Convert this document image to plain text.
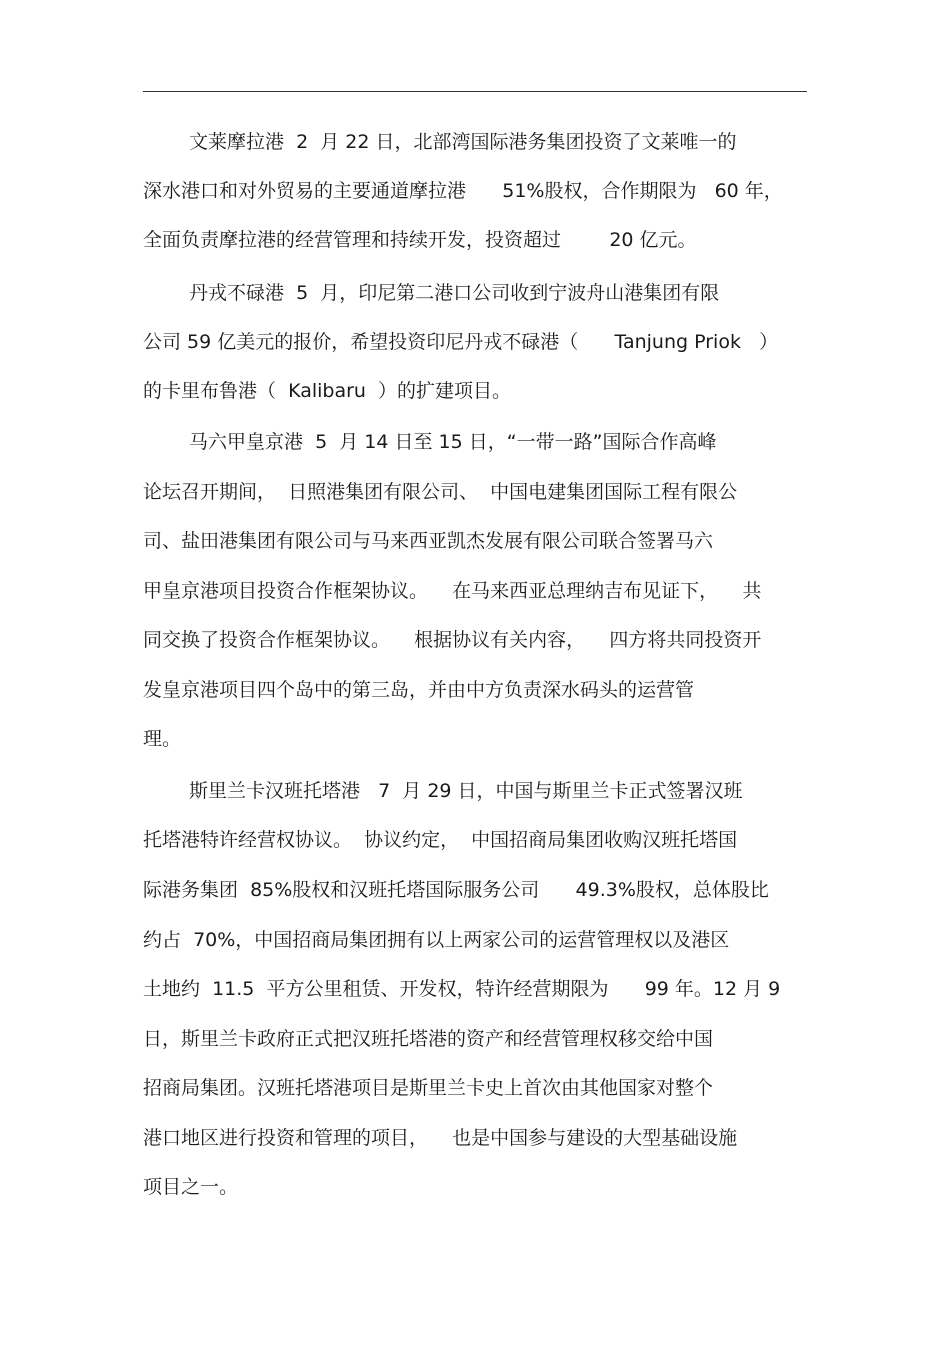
文莱摩拉港  2  月 22 日，北部湾国际港务集团投资了文莱唯一的
深水港口和对外贸易的主要通道摩拉港      51%股权，合作期限为   60 年，
全面负责摩拉港的经营管理和持续开发，投资超过        20 亿元。
丹戎不碌港  5  月，印尼第二港口公司收到宁波舟山港集团有限
公司 59 亿美元的报价，希望投资印尼丹戎不碌港（      Tanjung Priok   ）
的卡里布鲁港（  Kalibaru  ）的扩建项目。
马六甲皇京港  5  月 14 日至 15 日，“一带一路”国际合作高峰
论坛召开期间，  日照港集团有限公司、  中国电建集团国际工程有限公
司、盐田港集团有限公司与马来西亚凯杰发展有限公司联合签署马六
甲皇京港项目投资合作框架协议。    在马来西亚总理纳吉布见证下，    共
同交换了投资合作框架协议。    根据协议有关内容，    四方将共同投资开
发皇京港项目四个岛中的第三岛，并由中方负责深水码头的运营管
理。
斯里兰卡汉班托塔港   7  月 29 日，中国与斯里兰卡正式签署汉班
托塔港特许经营权协议。  协议约定，  中国招商局集团收购汉班托塔国
际港务集团  85%股权和汉班托塔国际服务公司      49.3%股权，总体股比
约占  70%，中国招商局集团拥有以上两家公司的运营管理权以及港区
土地约  11.5  平方公里租赁、开发权，特许经营期限为      99 年。12 月 9
日，斯里兰卡政府正式把汉班托塔港的资产和经营管理权移交给中国
招商局集团。汉班托塔港项目是斯里兰卡史上首次由其他国家对整个
港口地区进行投资和管理的项目，    也是中国参与建设的大型基础设施
项目之一。
